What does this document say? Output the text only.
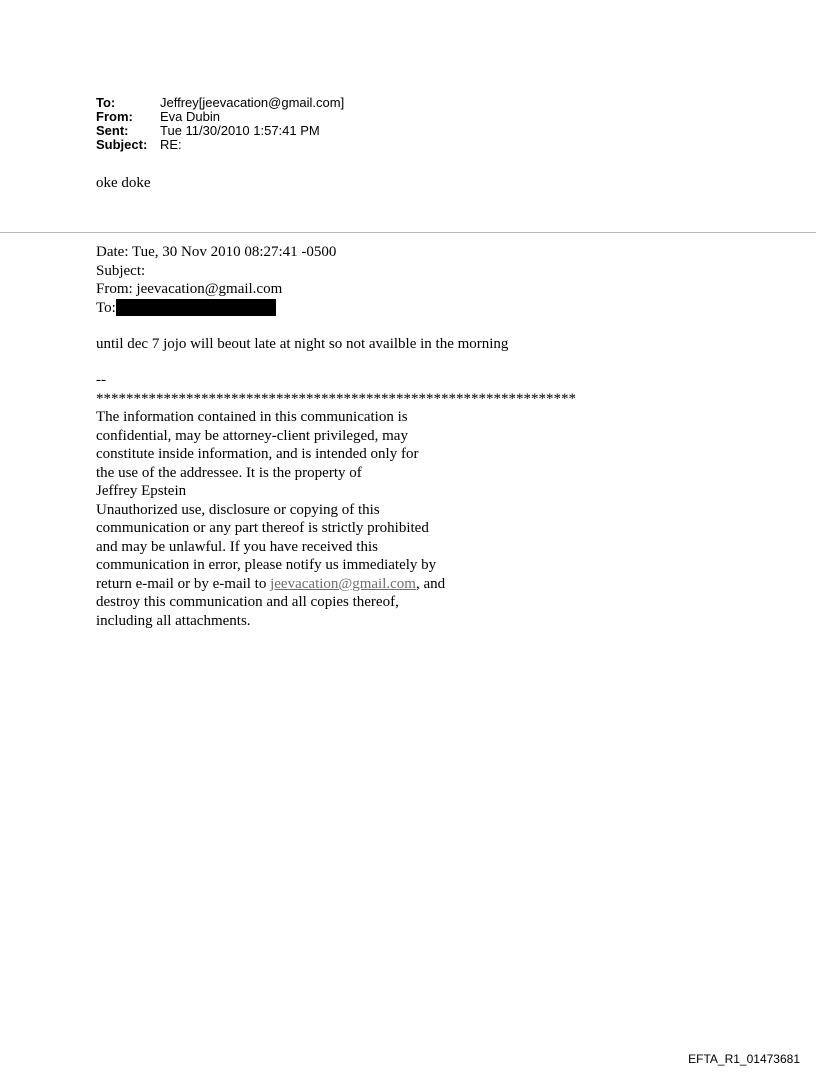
To:	Jeffrey[jeevacation@gmail.com]
From:	Eva Dubin
Sent:	Tue 11/30/2010 1:57:41 PM
Subject: RE:
oke doke
Date: Tue, 30 Nov 2010 08:27:41 -0500
Subject:
From: jeevacation@gmail.com
To:
until dec 7 jojo will beout late at night so not availble in the morning
--
****************************************************************
The information contained in this communication is
confidential, may be attorney-client privileged, may
constitute inside information, and is intended only for
the use of the addressee. It is the property of
Jeffrey Epstein
Unauthorized use, disclosure or copying of this
communication or any part thereof is strictly prohibited
and may be unlawful. If you have received this
communication in error, please notify us immediately by
return e-mail or by e-mail to jeevacation@gmail.com, and
destroy this communication and all copies thereof,
including all attachments.
EFTA_R1_01473681
